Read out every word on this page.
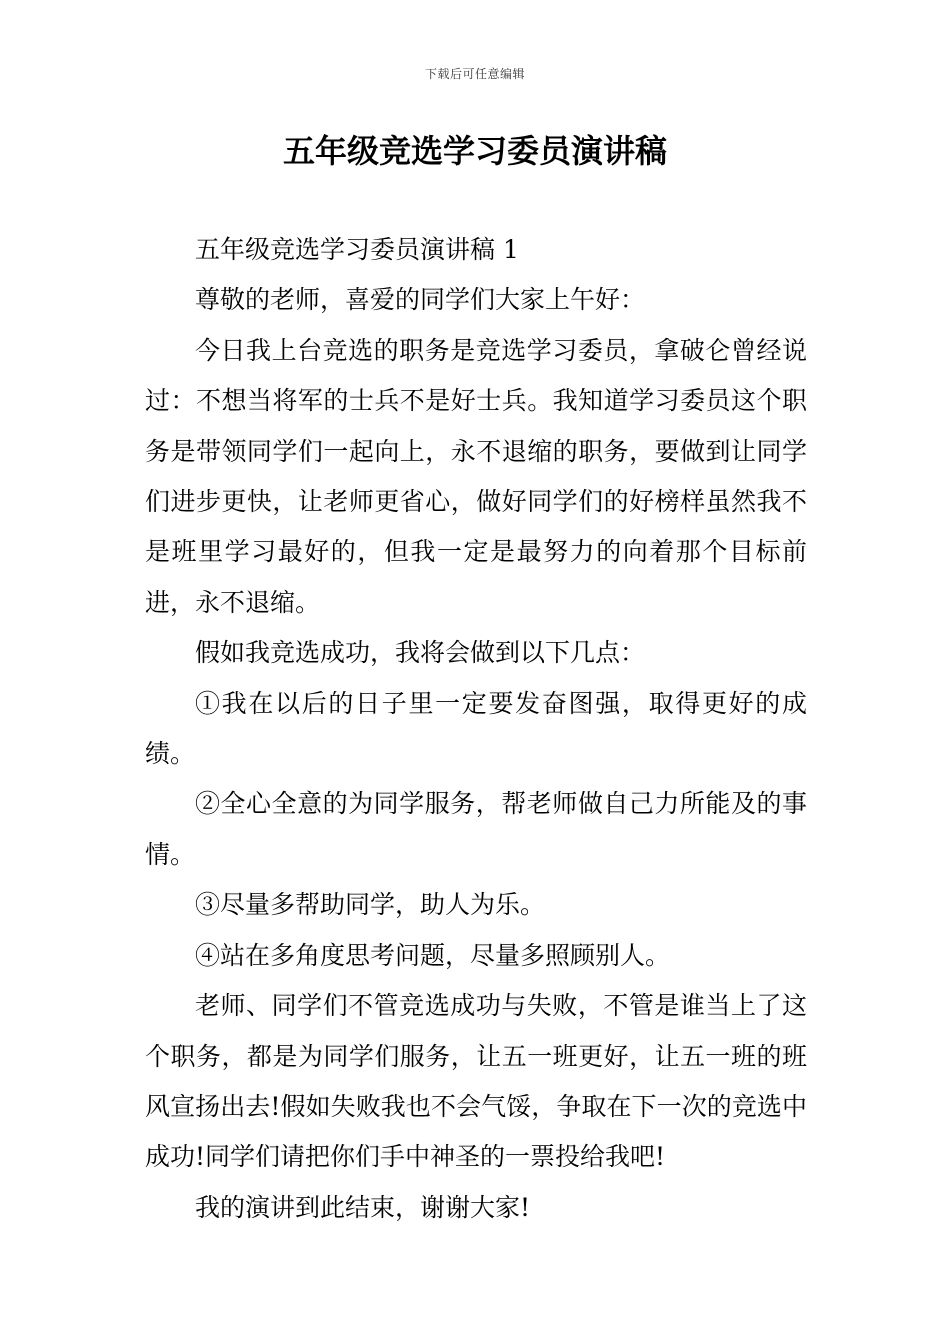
下载后可任意编辑
五年级竞选学习委员演讲稿

五年级竞选学习委员演讲稿 1

尊敬的老师，喜爱的同学们大家上午好：

今日我上台竞选的职务是竞选学习委员，拿破仑曾经说过：不想当将军的士兵不是好士兵。我知道学习委员这个职务是带领同学们一起向上，永不退缩的职务，要做到让同学们进步更快，让老师更省心，做好同学们的好榜样虽然我不是班里学习最好的，但我一定是最努力的向着那个目标前进，永不退缩。

假如我竞选成功，我将会做到以下几点：

①我在以后的日子里一定要发奋图强，取得更好的成绩。

②全心全意的为同学服务，帮老师做自己力所能及的事情。

③尽量多帮助同学，助人为乐。

④站在多角度思考问题，尽量多照顾别人。

老师、同学们不管竞选成功与失败，不管是谁当上了这个职务，都是为同学们服务，让五一班更好，让五一班的班风宣扬出去!假如失败我也不会气馁，争取在下一次的竞选中成功!同学们请把你们手中神圣的一票投给我吧!

我的演讲到此结束，谢谢大家!
